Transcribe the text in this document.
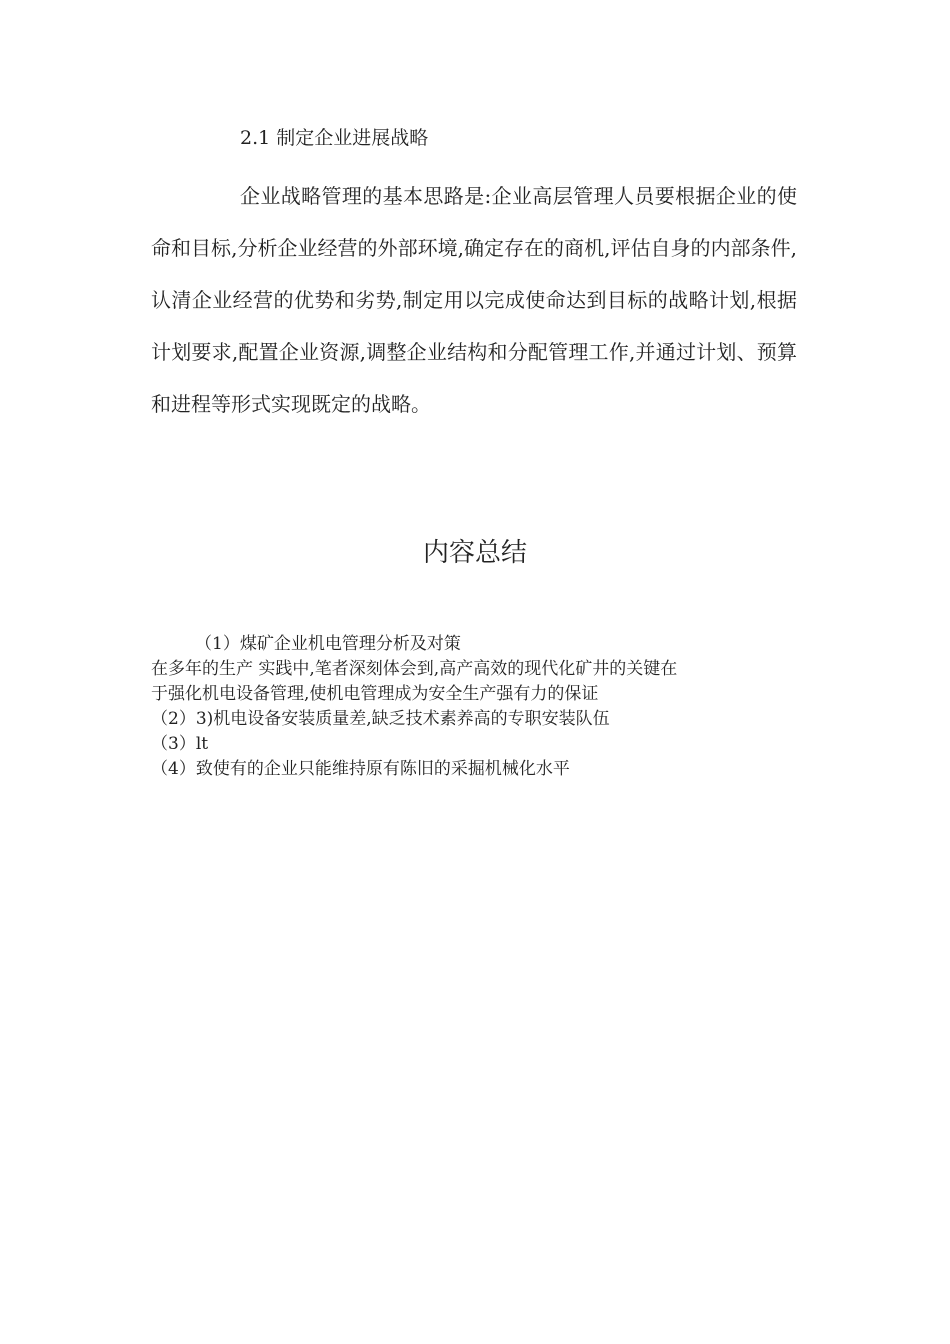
2.1 制定企业进展战略
企业战略管理的基本思路是:企业高层管理人员要根据企业的使命和目标,分析企业经营的外部环境,确定存在的商机,评估自身的内部条件,认清企业经营的优势和劣势,制定用以完成使命达到目标的战略计划,根据计划要求,配置企业资源,调整企业结构和分配管理工作,并通过计划、预算和进程等形式实现既定的战略。
内容总结
（1）煤矿企业机电管理分析及对策
在多年的生产 实践中,笔者深刻体会到,高产高效的现代化矿井的关键在
于强化机电设备管理,使机电管理成为安全生产强有力的保证
（2）3)机电设备安装质量差,缺乏技术素养高的专职安装队伍
（3）lt
（4）致使有的企业只能维持原有陈旧的采掘机械化水平
